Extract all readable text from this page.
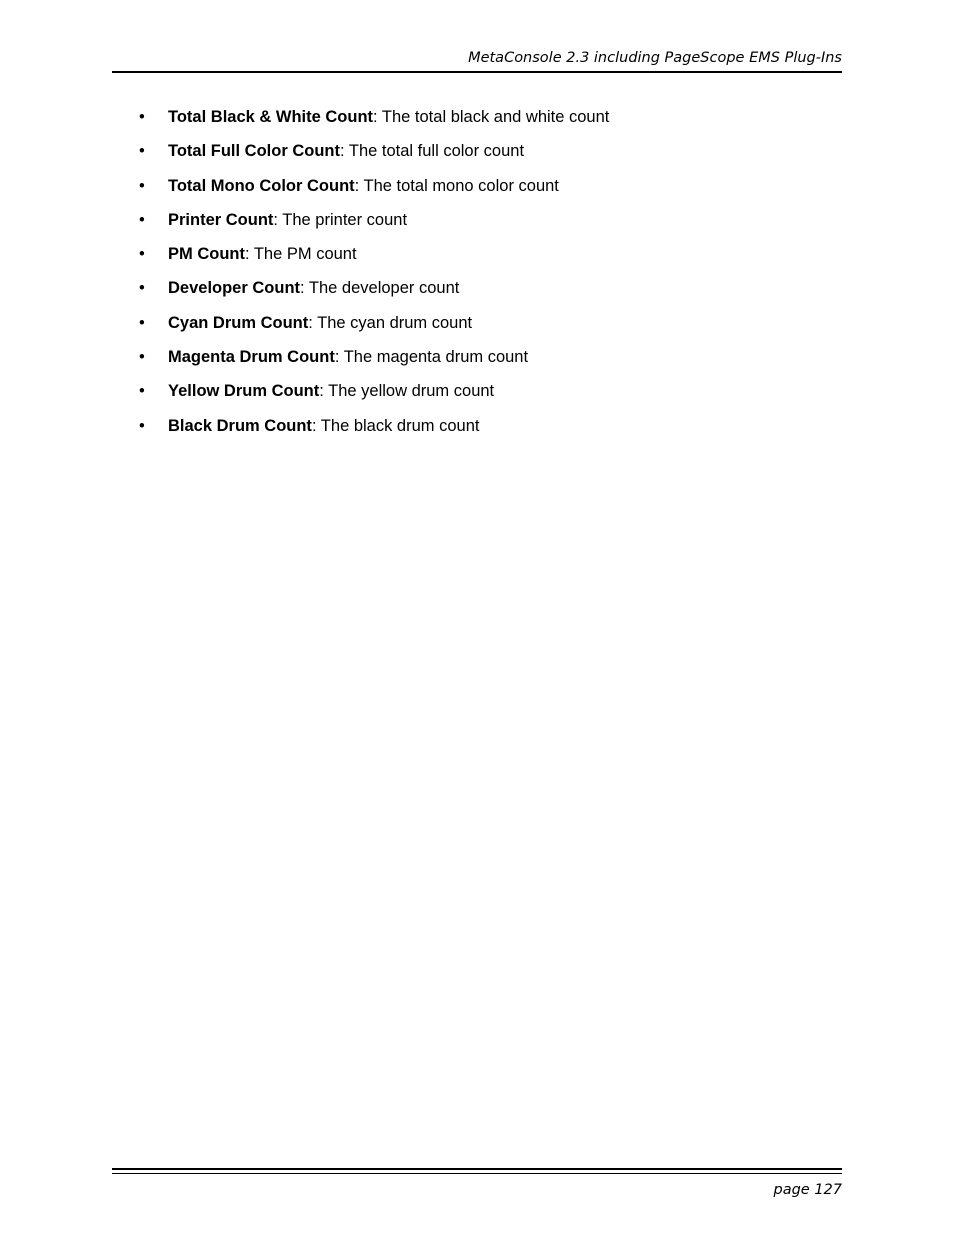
MetaConsole 2.3 including PageScope EMS Plug-Ins
• Total Black & White Count: The total black and white count
• Total Full Color Count: The total full color count
• Total Mono Color Count: The total mono color count
• Printer Count: The printer count
• PM Count: The PM count
• Developer Count: The developer count
• Cyan Drum Count: The cyan drum count
• Magenta Drum Count: The magenta drum count
• Yellow Drum Count: The yellow drum count
• Black Drum Count: The black drum count
page 127
